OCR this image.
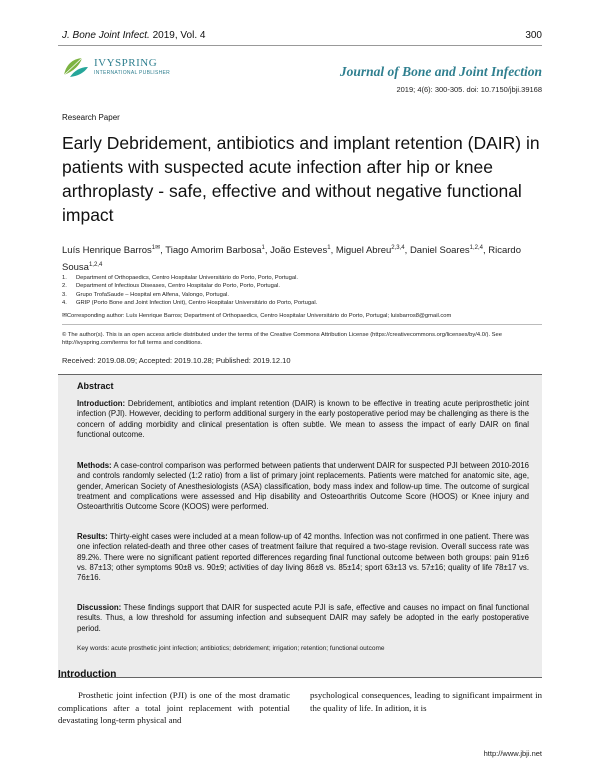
J. Bone Joint Infect. 2019, Vol. 4	300
IVYSPRING
INTERNATIONAL PUBLISHER	Journal of Bone and Joint Infection
2019; 4(6): 300-305. doi: 10.7150/jbji.39168
Research Paper
Early Debridement, antibiotics and implant retention (DAIR) in patients with suspected acute infection after hip or knee arthroplasty - safe, effective and without negative functional impact
Luís Henrique Barros$^{1✉}$, Tiago Amorim Barbosa$^1$, João Esteves$^1$, Miguel Abreu$^{2,3,4}$, Daniel Soares$^{1,2,4}$, Ricardo Sousa$^{1,2,4}$
1.	Department of Orthopaedics, Centro Hospitalar Universitário do Porto, Porto, Portugal.
2.	Department of Infectious Diseases, Centro Hospitalar do Porto, Porto, Portugal.
3.	Grupo TrofaSaude – Hospital em Alfena, Valongo, Portugal.
4.	GRIP (Porto Bone and Joint Infection Unit), Centro Hospitalar Universitário do Porto, Portugal.
✉Corresponding author: Luís Henrique Barros; Department of Orthopaedics, Centro Hospitalar Universitário do Porto, Portugal; luisbarros8@gmail.com
© The author(s). This is an open access article distributed under the terms of the Creative Commons Attribution License (https://creativecommons.org/licenses/by/4.0/). See http://ivyspring.com/terms for full terms and conditions.
Received: 2019.08.09; Accepted: 2019.10.28; Published: 2019.12.10
Abstract
Introduction: Debridement, antibiotics and implant retention (DAIR) is known to be effective in treating acute periprosthetic joint infection (PJI). However, deciding to perform additional surgery in the early postoperative period may be challenging as there is the concern of adding morbidity and clinical presentation is often subtle. We mean to assess the impact of early DAIR on final functional outcome.
Methods: A case-control comparison was performed between patients that underwent DAIR for suspected PJI between 2010-2016 and controls randomly selected (1:2 ratio) from a list of primary joint replacements. Patients were matched for anatomic site, age, gender, American Society of Anesthesiologists (ASA) classification, body mass index and follow-up time. The outcome of surgical treatment and complications were assessed and Hip disability and Osteoarthritis Outcome Score (HOOS) or Knee injury and Osteoarthritis Outcome Score (KOOS) were performed.
Results: Thirty-eight cases were included at a mean follow-up of 42 months. Infection was not confirmed in one patient. There was one infection related-death and three other cases of treatment failure that required a two-stage revision. Overall success rate was 89.2%. There were no significant patient reported differences regarding final functional outcome between both groups: pain 91±6 vs. 87±13; other symptoms 90±8 vs. 90±9; activities of day living 86±8 vs. 85±14; sport 63±13 vs. 57±16; quality of life 78±17 vs. 76±16.
Discussion: These findings support that DAIR for suspected acute PJI is safe, effective and causes no impact on final functional results. Thus, a low threshold for assuming infection and subsequent DAIR may safely be adopted in the early postoperative period.
Key words: acute prosthetic joint infection; antibiotics; debridement; irrigation; retention; functional outcome
Introduction
Prosthetic joint infection (PJI) is one of the most dramatic complications after a total joint replacement with potential devastating long-term physical and
psychological consequences, leading to significant impairment in the quality of life. In adition, it is
http://www.jbji.net
